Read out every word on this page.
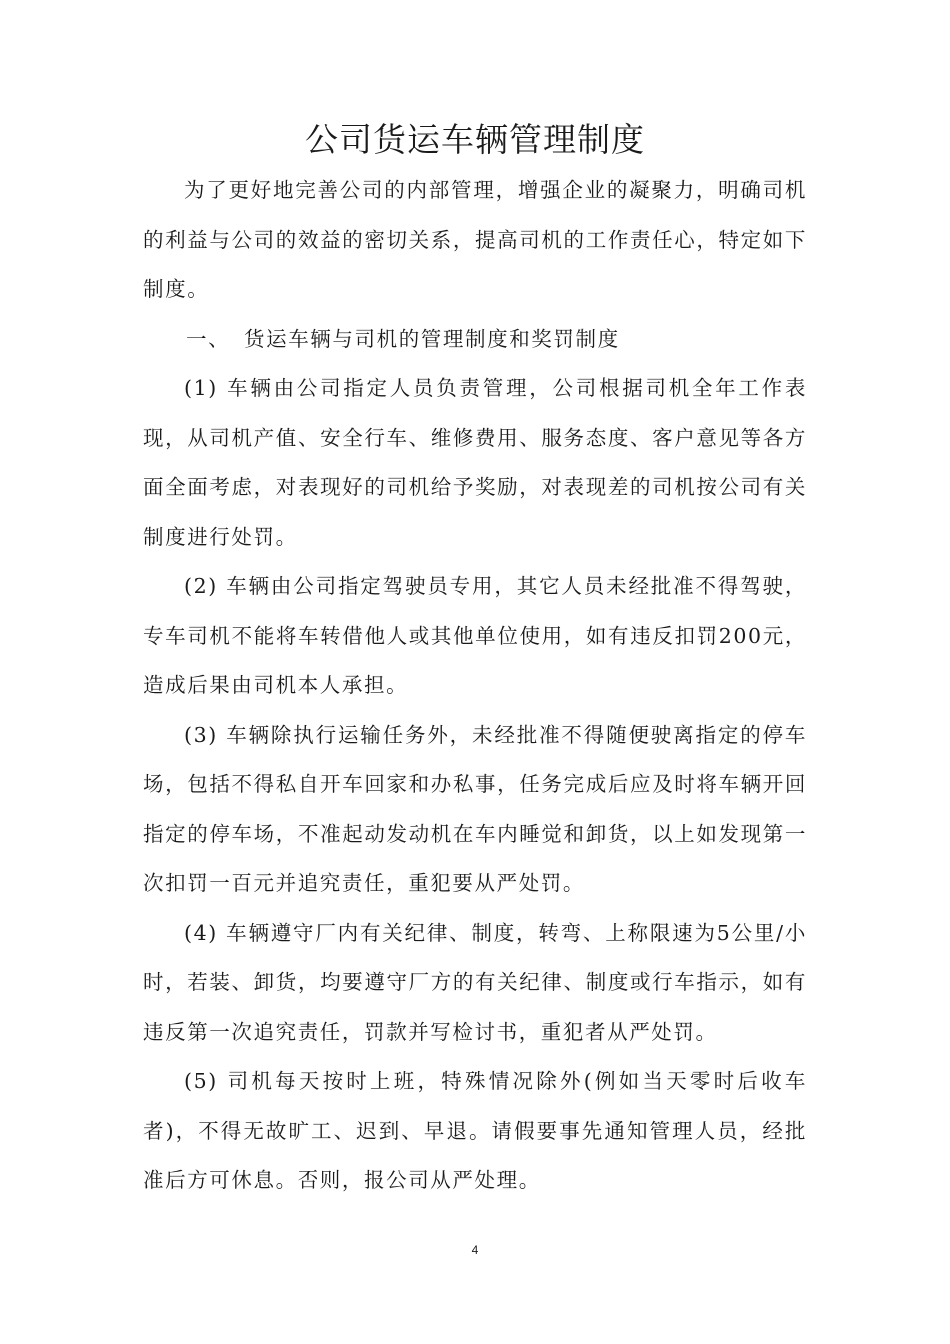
公司货运车辆管理制度

为了更好地完善公司的内部管理，增强企业的凝聚力，明确司机的利益与公司的效益的密切关系，提高司机的工作责任心，特定如下制度。

一、 货运车辆与司机的管理制度和奖罚制度

(1) 车辆由公司指定人员负责管理，公司根据司机全年工作表现，从司机产值、安全行车、维修费用、服务态度、客户意见等各方面全面考虑，对表现好的司机给予奖励，对表现差的司机按公司有关制度进行处罚。

(2) 车辆由公司指定驾驶员专用，其它人员未经批准不得驾驶，专车司机不能将车转借他人或其他单位使用，如有违反扣罚200元，造成后果由司机本人承担。

(3) 车辆除执行运输任务外，未经批准不得随便驶离指定的停车场，包括不得私自开车回家和办私事，任务完成后应及时将车辆开回指定的停车场，不准起动发动机在车内睡觉和卸货，以上如发现第一次扣罚一百元并追究责任，重犯要从严处罚。

(4) 车辆遵守厂内有关纪律、制度，转弯、上称限速为5公里/小时，若装、卸货，均要遵守厂方的有关纪律、制度或行车指示，如有违反第一次追究责任，罚款并写检讨书，重犯者从严处罚。

(5) 司机每天按时上班，特殊情况除外(例如当天零时后收车者)，不得无故旷工、迟到、早退。请假要事先通知管理人员，经批准后方可休息。否则，报公司从严处理。

4
